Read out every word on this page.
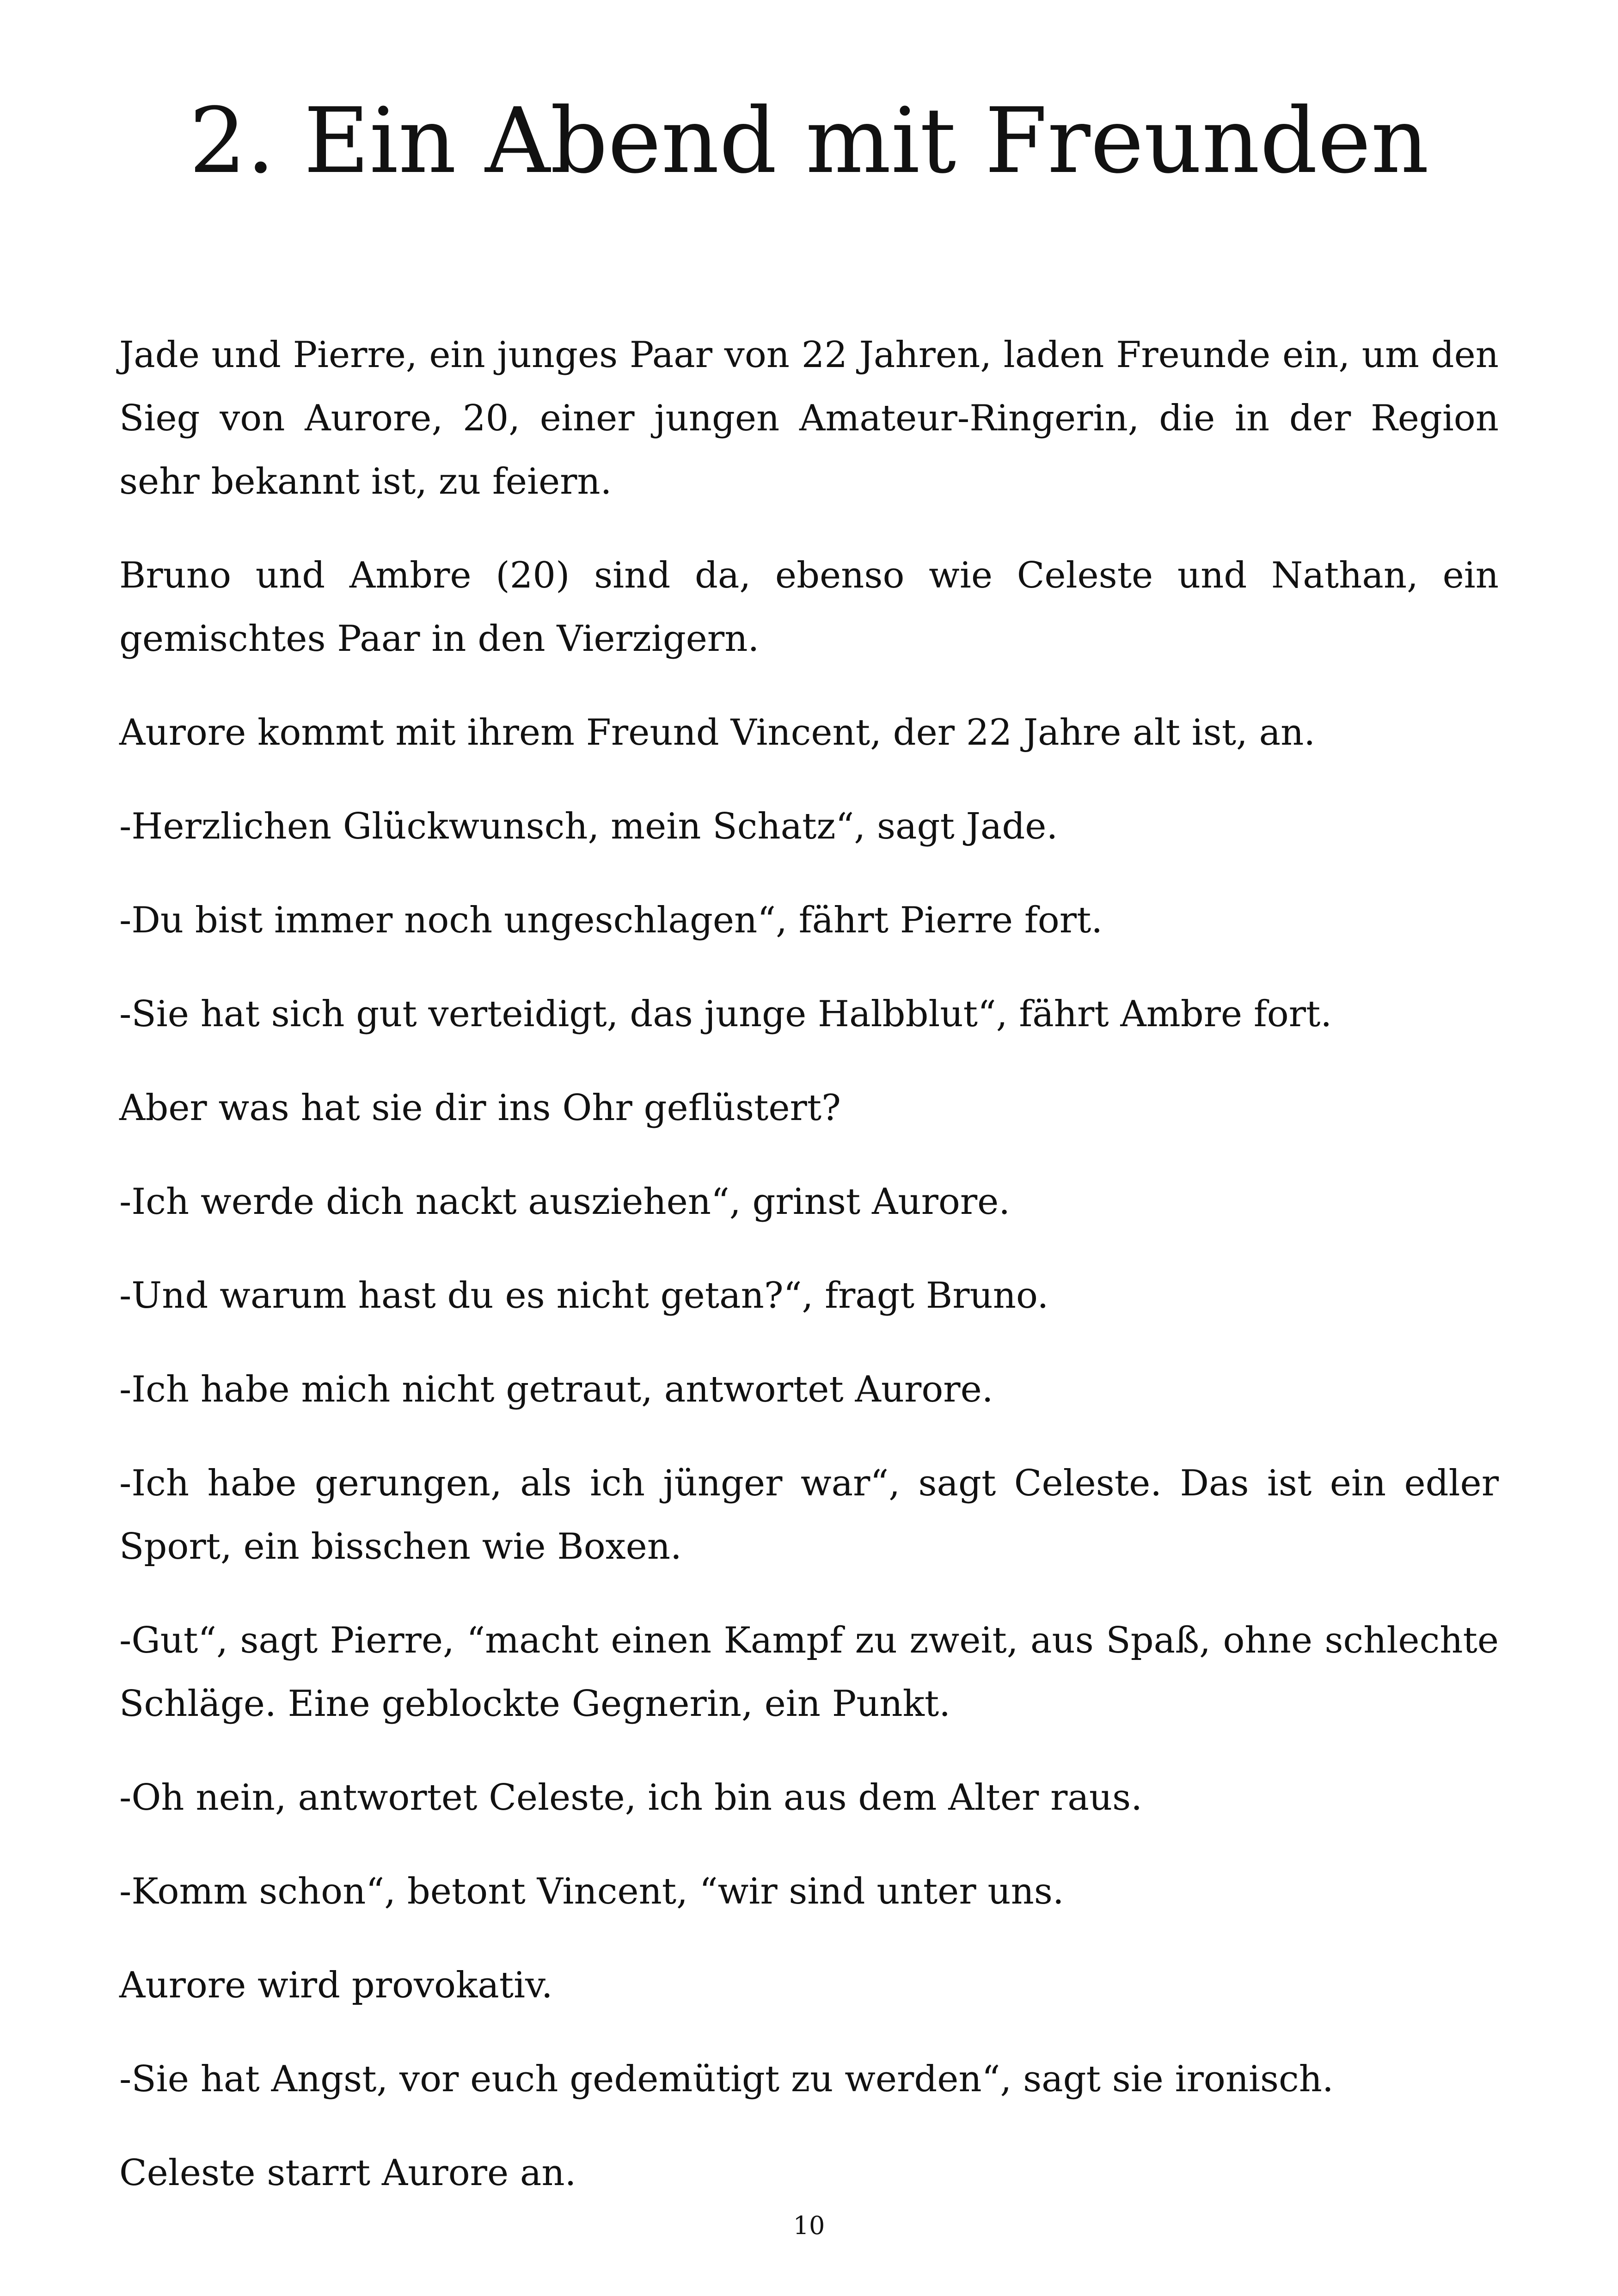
2. Ein Abend mit Freunden

Jade und Pierre, ein junges Paar von 22 Jahren, laden Freunde ein, um den Sieg von Aurore, 20, einer jungen Amateur-Ringerin, die in der Region sehr bekannt ist, zu feiern.

Bruno und Ambre (20) sind da, ebenso wie Celeste und Nathan, ein gemischtes Paar in den Vierzigern.

Aurore kommt mit ihrem Freund Vincent, der 22 Jahre alt ist, an.

-Herzlichen Glückwunsch, mein Schatz“, sagt Jade.

-Du bist immer noch ungeschlagen“, fährt Pierre fort.

-Sie hat sich gut verteidigt, das junge Halbblut“, fährt Ambre fort.

Aber was hat sie dir ins Ohr geflüstert?

-Ich werde dich nackt ausziehen“, grinst Aurore.

-Und warum hast du es nicht getan?“, fragt Bruno.

-Ich habe mich nicht getraut, antwortet Aurore.

-Ich habe gerungen, als ich jünger war“, sagt Celeste. Das ist ein edler Sport, ein bisschen wie Boxen.

-Gut“, sagt Pierre, “macht einen Kampf zu zweit, aus Spaß, ohne schlechte Schläge. Eine geblockte Gegnerin, ein Punkt.

-Oh nein, antwortet Celeste, ich bin aus dem Alter raus.

-Komm schon“, betont Vincent, “wir sind unter uns.

Aurore wird provokativ.

-Sie hat Angst, vor euch gedemütigt zu werden“, sagt sie ironisch.

Celeste starrt Aurore an.

10
